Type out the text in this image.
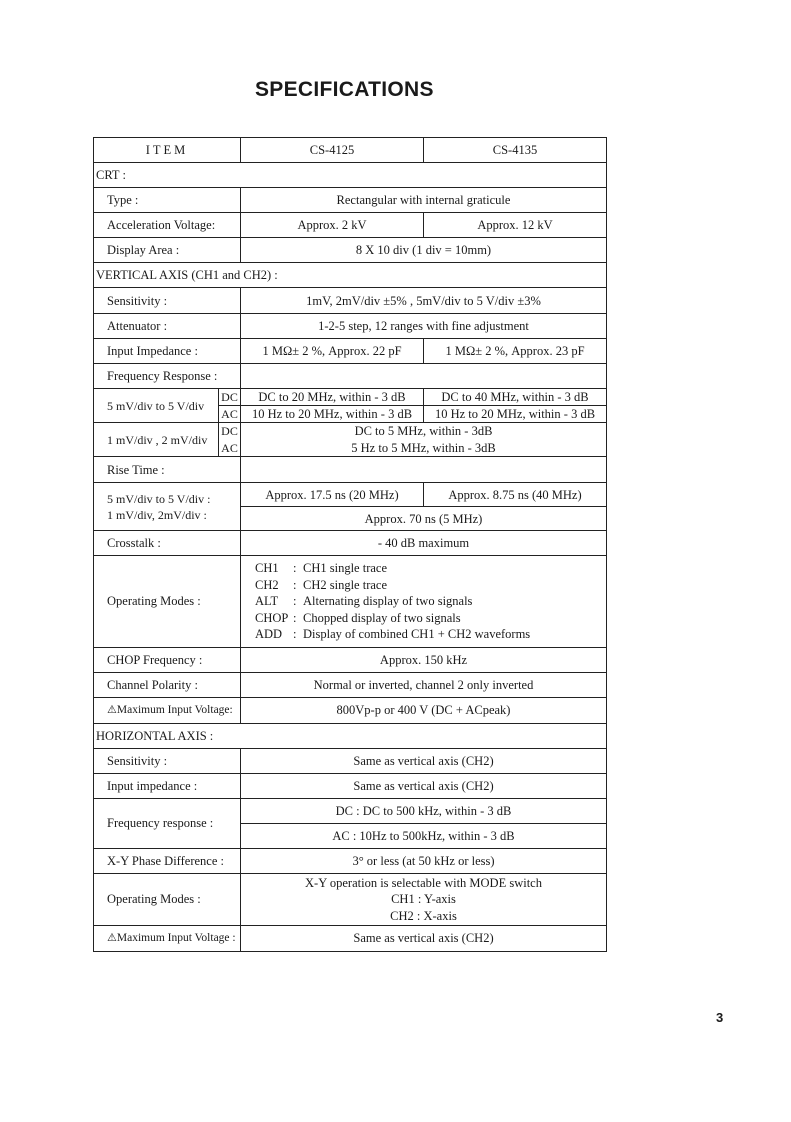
SPECIFICATIONS
ITEM		CS-4125	CS-4135
CRT :			
Type :		Rectangular with internal graticule	
Acceleration Voltage:		Approx. 2 kV	Approx. 12 kV
Display Area :		8 X 10 div (1 div = 10mm)	
VERTICAL AXIS (CH1 and CH2) :			
Sensitivity :		1mV, 2mV/div ±5% , 5mV/div to 5 V/div ±3%	
Attenuator :		1-2-5 step, 12 ranges with fine adjustment	
Input Impedance :		1 MΩ± 2 %, Approx. 22 pF	1 MΩ± 2 %, Approx. 23 pF
Frequency Response :			
5 mV/div to 5 V/div	DC	DC to 20 MHz, within - 3 dB	DC to 40 MHz, within - 3 dB
	AC	10 Hz to 20 MHz, within - 3 dB	10 Hz to 20 MHz, within - 3 dB
1 mV/div , 2 mV/div	DC	DC to 5 MHz, within - 3dB	
	AC	5 Hz to 5 MHz, within - 3dB	
Rise Time :			
5 mV/div to 5 V/div :		Approx. 17.5 ns (20 MHz)	Approx. 8.75 ns (40 MHz)
1 mV/div, 2mV/div :		Approx. 70 ns (5 MHz)	
Crosstalk :		- 40 dB maximum	
Operating Modes :		CH1 : CH1 single trace
CH2 : CH2 single trace
ALT : Alternating display of two signals
CHOP : Chopped display of two signals
ADD : Display of combined CH1 + CH2 waveforms	

CHOP Frequency :		Approx. 150 kHz	
Channel Polarity :		Normal or inverted, channel 2 only inverted	
⚠Maximum Input Voltage:		800Vp-p or 400 V (DC + ACpeak)	
HORIZONTAL AXIS :			
Sensitivity :		Same as vertical axis (CH2)	
Input impedance :		Same as vertical axis (CH2)	
Frequency response :		DC : DC to 500 kHz, within - 3 dB
AC : 10Hz to 500kHz, within - 3 dB	

X-Y Phase Difference :		3° or less (at 50 kHz or less)	
Operating Modes :		X-Y operation is selectable with MODE switch
CH1 : Y-axis
CH2 : X-axis	

⚠Maximum Input Voltage :		Same as vertical axis (CH2)	
3
